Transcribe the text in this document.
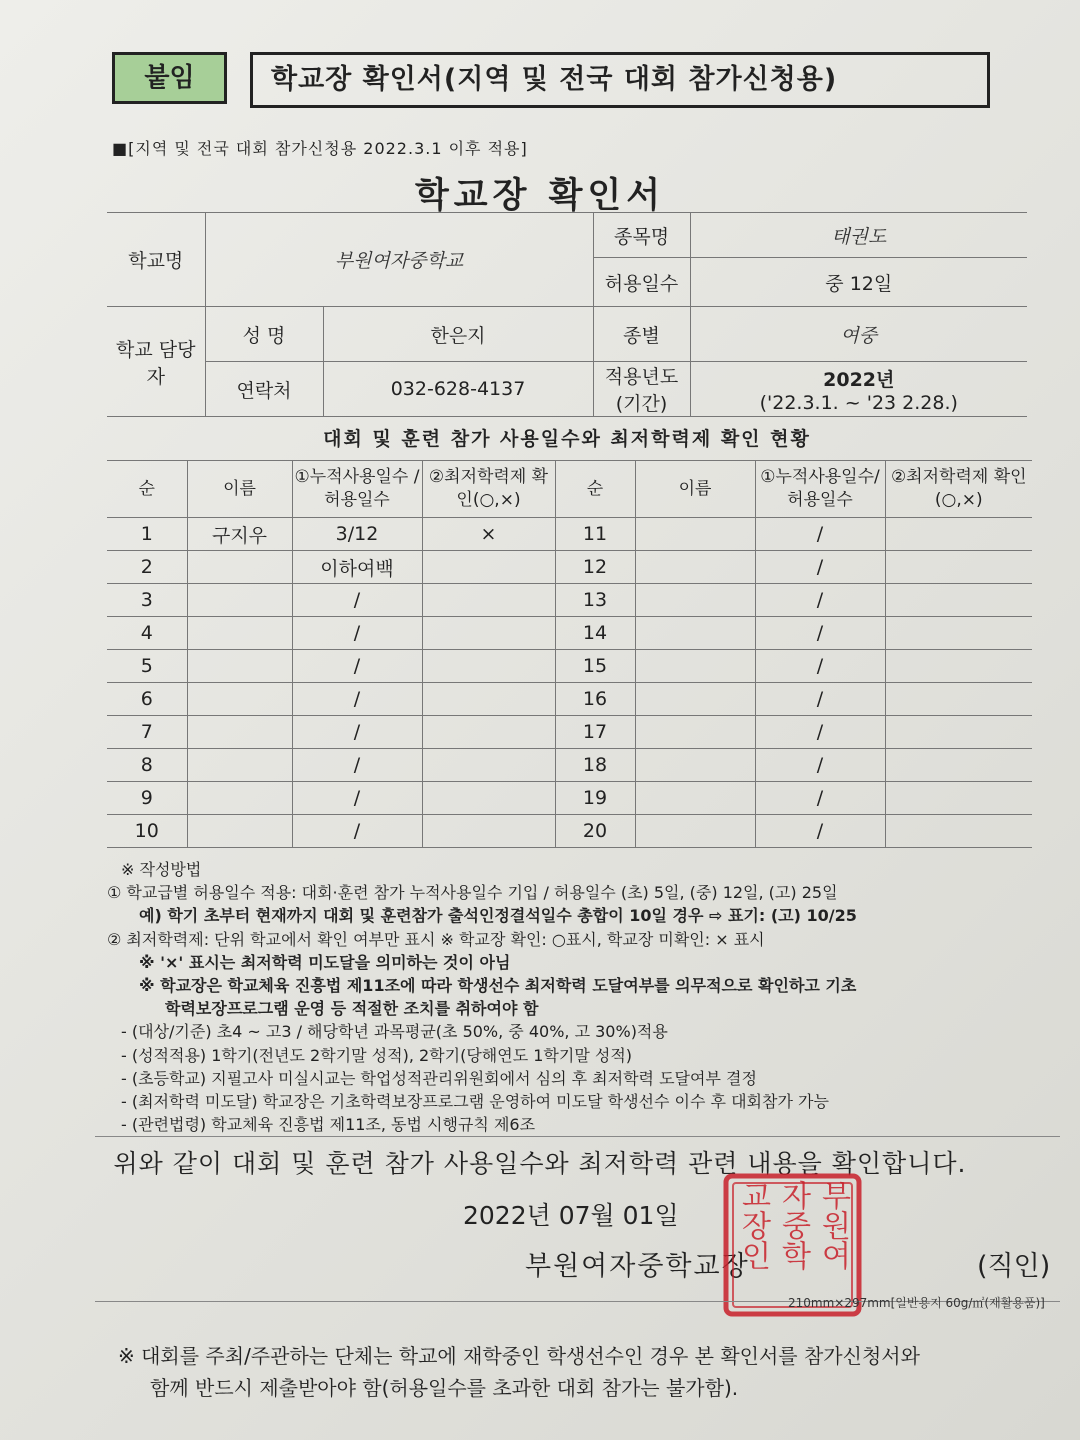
붙임	학교장 확인서(지역 및 전국 대회 참가신청용)
■[지역 및 전국 대회 참가신청용 2022.3.1 이후 적용]
학교장 확인서
학교명	부원여자중학교		종목명	태권도
			허용일수	중 12일
학교 담당자	성 명	한은지	종별	여중
	연락처	032-628-4137	적용년도 (기간)	2022년
('22.3.1. ~ '23 2.28.)
대회 및 훈련 참가 사용일수와 최저학력제 확인 현황
순	이름	①누적사용일수 /허용일수	②최저학력제 확인(○,×)	순	이름	①누적사용일수/ 허용일수	②최저학력제 확인(○,×)
1	구지우	3/12	×	11		/	
2		이하여백		12		/	
3		/		13		/	
4		/		14		/	
5		/		15		/	
6		/		16		/	
7		/		17		/	
8		/		18		/	
9		/		19		/	
10		/		20		/	
※ 작성방법
① 학교급별 허용일수 적용: 대회·훈련 참가 누적사용일수 기입 / 허용일수 (초) 5일, (중) 12일, (고) 25일
예) 학기 초부터 현재까지 대회 및 훈련참가 출석인정결석일수 총합이 10일 경우 ⇨ 표기: (고) 10/25
② 최저학력제: 단위 학교에서 확인 여부만 표시 ※ 학교장 확인: ○표시, 학교장 미확인: × 표시
※ '×' 표시는 최저학력 미도달을 의미하는 것이 아님
※ 학교장은 학교체육 진흥법 제11조에 따라 학생선수 최저학력 도달여부를 의무적으로 확인하고 기초
학력보장프로그램 운영 등 적절한 조치를 취하여야 함
- (대상/기준) 초4 ~ 고3 / 해당학년 과목평균(초 50%, 중 40%, 고 30%)적용
- (성적적용) 1학기(전년도 2학기말 성적), 2학기(당해연도 1학기말 성적)
- (초등학교) 지필고사 미실시교는 학업성적관리위원회에서 심의 후 최저학력 도달여부 결정
- (최저학력 미도달) 학교장은 기초학력보장프로그램 운영하여 미도달 학생선수 이수 후 대회참가 가능
- (관련법령) 학교체육 진흥법 제11조, 동법 시행규칙 제6조
위와 같이 대회 및 훈련 참가 사용일수와 최저학력 관련 내용을 확인합니다.
2022년 07월 01일
부원여자중학교장	(직인)
부원여
자중학
교장인
210mm×297mm[일반용지 60g/㎡(재활용품)]
※ 대회를 주최/주관하는 단체는 학교에 재학중인 학생선수인 경우 본 확인서를 참가신청서와
함께 반드시 제출받아야 함(허용일수를 초과한 대회 참가는 불가함).
